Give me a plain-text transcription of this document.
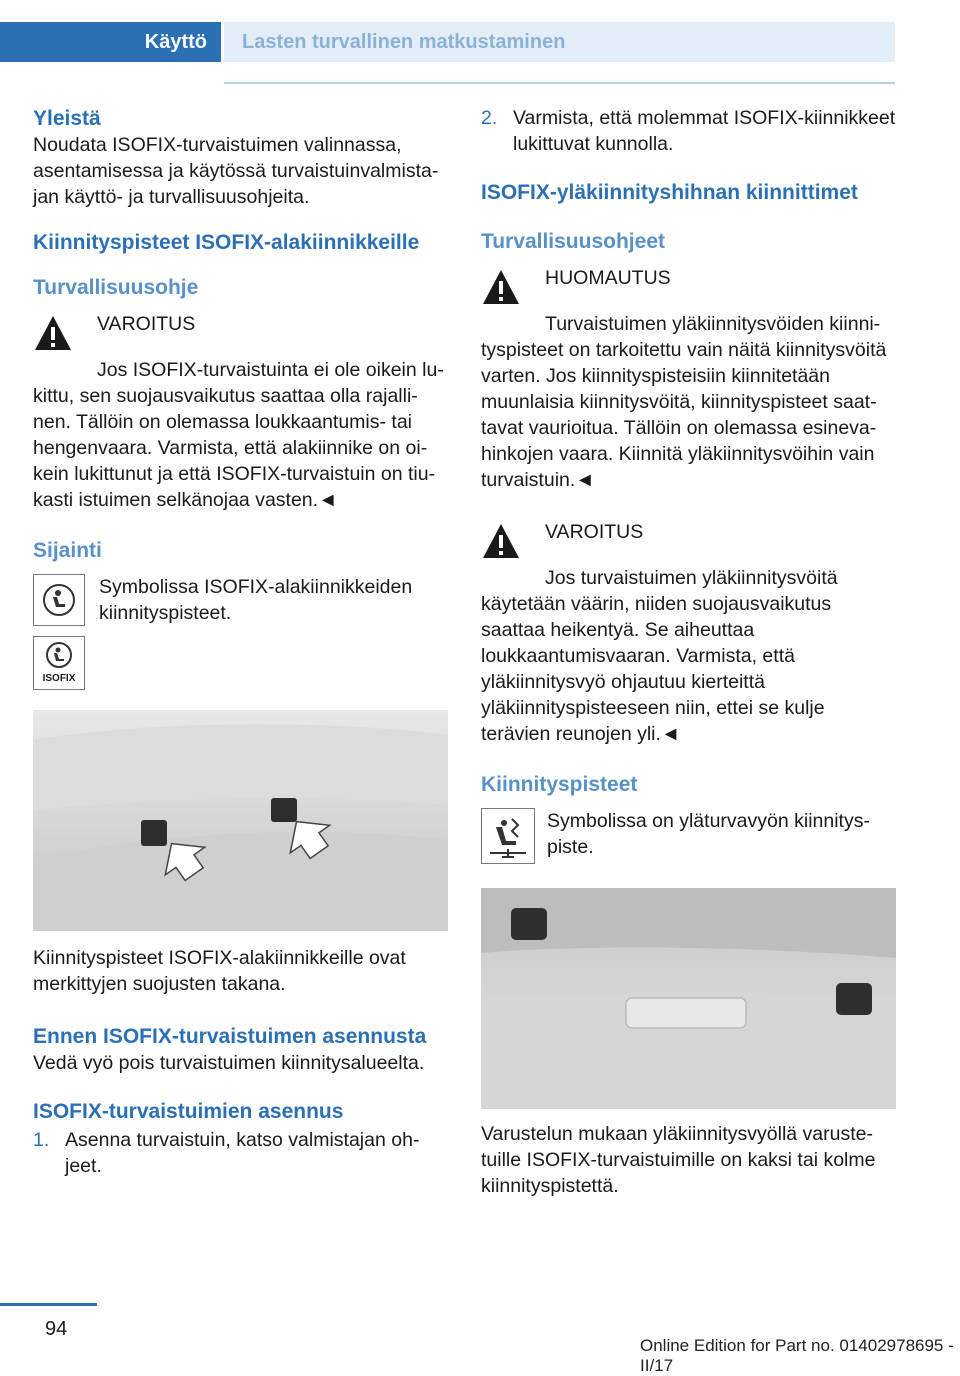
Käyttö	Lasten turvallinen matkustaminen
Yleistä

Noudata ISOFIX-turvaistuimen valinnassa, asentamisessa ja käytössä turvaistuinvalmistajan käyttö- ja turvallisuusohjeita.

Kiinnityspisteet ISOFIX-alakiinnikkeille
Turvallisuusohje
VAROITUS

Jos ISOFIX-turvaistuinta ei ole oikein lukittu, sen suojausvaikutus saattaa olla rajallinen. Tällöin on olemassa loukkaantumis- tai hengenvaara. Varmista, että alakiinnike on oikein lukittunut ja että ISOFIX-turvaistuin on tiukasti istuimen selkänojaa vasten.◄

Sijainti

Symbolissa ISOFIX-alakiinnikkeiden kiinnityspisteet.

ISOFIX

Kiinnityspisteet ISOFIX-alakiinnikkeille ovat merkittyjen suojusten takana.

Ennen ISOFIX-turvaistuimen asennusta

Vedä vyö pois turvaistuimen kiinnitysalueelta.

ISOFIX-turvaistuimien asennus
1. Asenna turvaistuin, katso valmistajan ohjeet.

2. Varmista, että molemmat ISOFIX-kiinnikkeet lukittuvat kunnolla.

ISOFIX-yläkiinnityshihnan kiinnittimet
Turvallisuusohjeet
HUOMAUTUS

Turvaistuimen yläkiinnitysvöiden kiinnityspisteet on tarkoitettu vain näitä kiinnitysvöitä varten. Jos kiinnityspisteisiin kiinnitetään muunlaisia kiinnitysvöitä, kiinnityspisteet saattavat vaurioitua. Tällöin on olemassa esinevahinkojen vaara. Kiinnitä yläkiinnitysvöihin vain turvaistuin.◄

VAROITUS

Jos turvaistuimen yläkiinnitysvöitä käytetään väärin, niiden suojausvaikutus saattaa heikentyä. Se aiheuttaa loukkaantumisvaaran. Varmista, että yläkiinnitysvyö ohjautuu kierteittä yläkiinnityspisteeseen niin, ettei se kulje terävien reunojen yli.◄

Kiinnityspisteet

Symbolissa on yläturvavyön kiinnityspiste.

Varustelun mukaan yläkiinnitysvyöllä varustetuille ISOFIX-turvaistuimille on kaksi tai kolme kiinnityspistettä.

94
Online Edition for Part no. 01402978695 - II/17
